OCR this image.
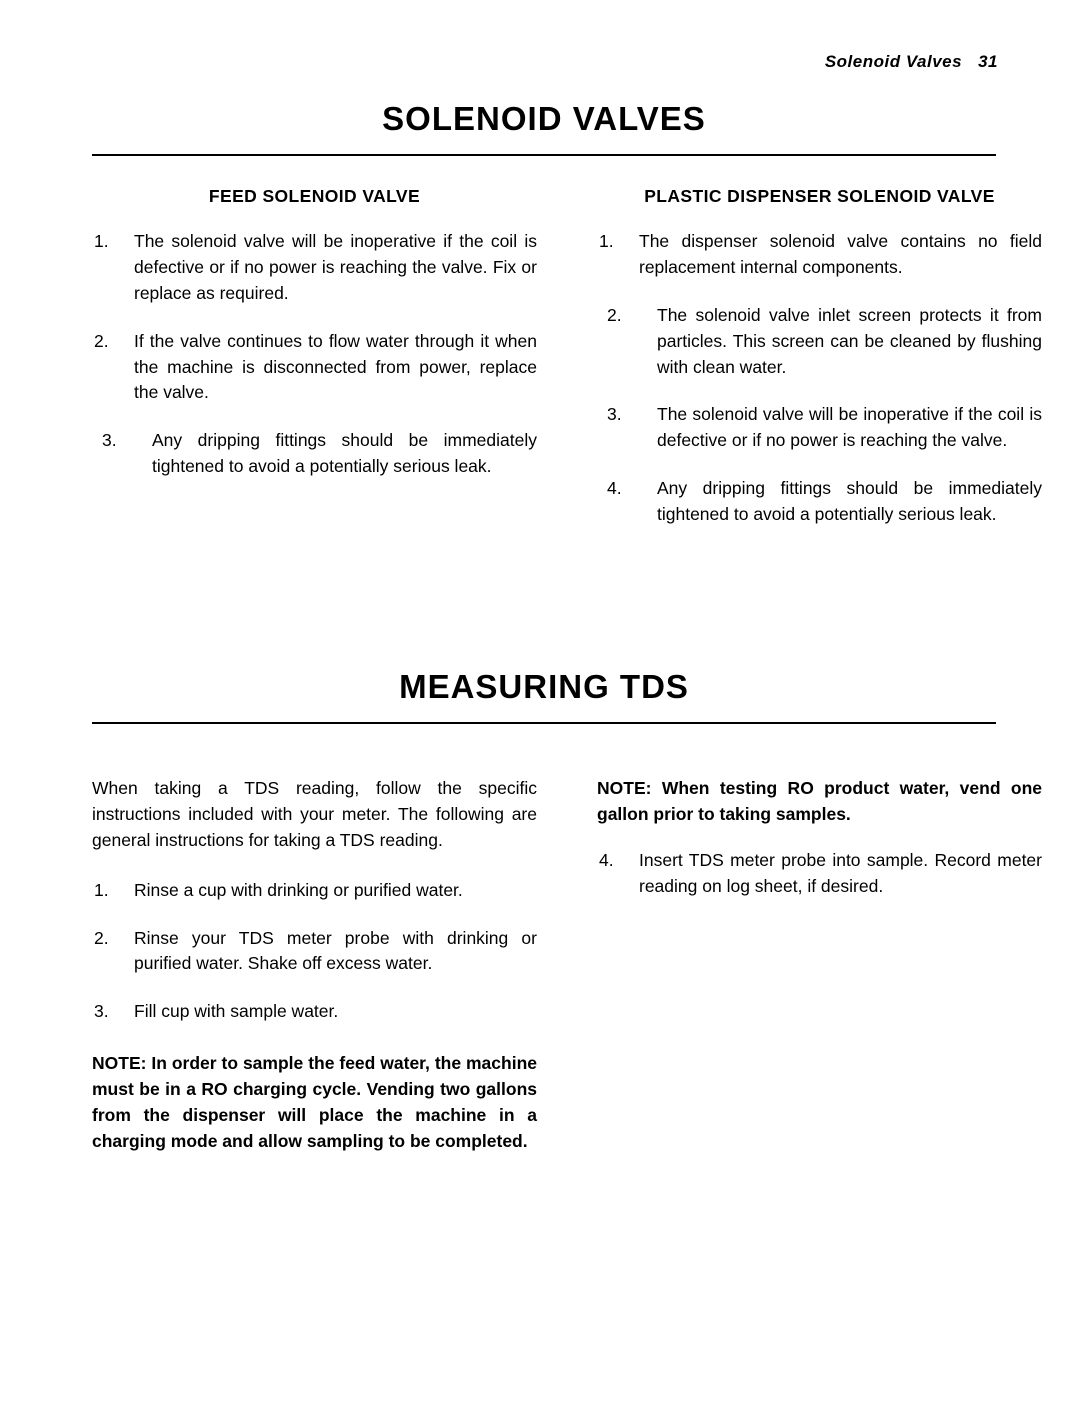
Solenoid Valves 31
SOLENOID VALVES
FEED SOLENOID VALVE
1.	The solenoid valve will be inoperative if the coil is defective or if no power is reaching the valve. Fix or replace as required.
2.	If the valve continues to flow water through it when the machine is disconnected from power, replace the valve.
3.	Any dripping fittings should be immediately tightened to avoid a potentially serious leak.
PLASTIC DISPENSER SOLENOID VALVE
1.	The dispenser solenoid valve contains no field replacement internal components.
2.	The solenoid valve inlet screen protects it from particles. This screen can be cleaned by flushing with clean water.
3.	The solenoid valve will be inoperative if the coil is defective or if no power is reaching the valve.
4.	Any dripping fittings should be immediately tightened to avoid a potentially serious leak.
MEASURING TDS

When taking a TDS reading, follow the specific instructions included with your meter. The following are general instructions for taking a TDS reading.

1.	Rinse a cup with drinking or purified water.
2.	Rinse your TDS meter probe with drinking or purified water. Shake off excess water.
3.	Fill cup with sample water.

NOTE: In order to sample the feed water, the machine must be in a RO charging cycle. Vending two gallons from the dispenser will place the machine in a charging mode and allow sampling to be completed.

NOTE: When testing RO product water, vend one gallon prior to taking samples.

4.	Insert TDS meter probe into sample. Record meter reading on log sheet, if desired.
